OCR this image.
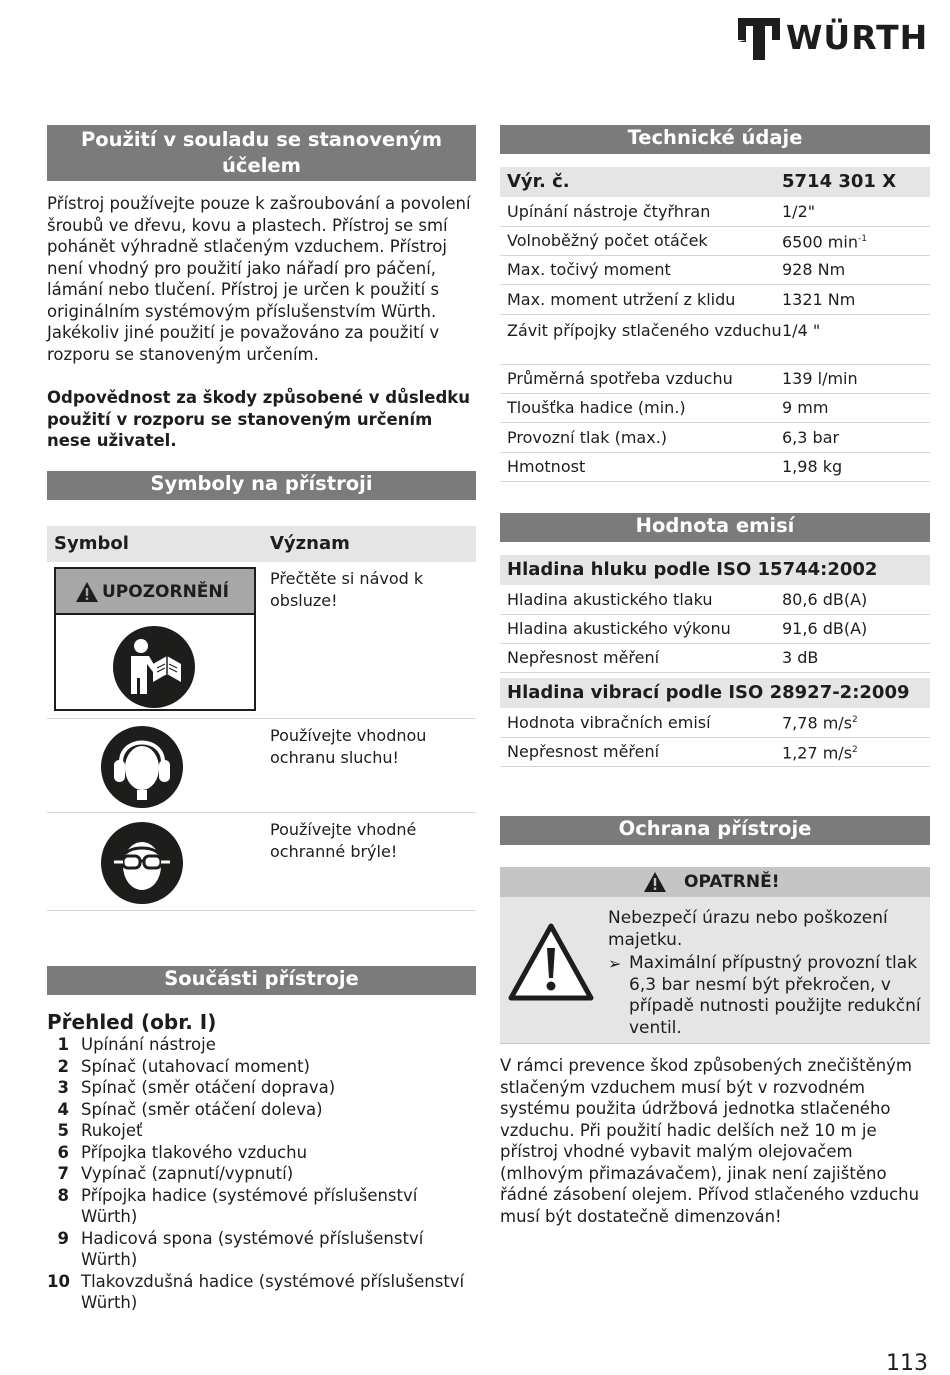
WÜRTH
Použití v souladu se stanoveným účelem
Přístroj používejte pouze k zašroubování a povolení šroubů ve dřevu, kovu a plastech. Přístroj se smí pohánět výhradně stlačeným vzduchem. Přístroj není vhodný pro použití jako nářadí pro páčení, lámání nebo tlučení. Přístroj je určen k použití s originálním systémovým příslušenstvím Würth.
Jakékoliv jiné použití je považováno za použití v rozporu se stanoveným určením.
Odpovědnost za škody způsobené v důsledku použití v rozporu se stanoveným určením nese uživatel.
Symboly na přístroji
Symbol	Význam
UPOZORNĚNÍ
Přečtěte si návod k obsluze!
Používejte vhodnou ochranu sluchu!
Používejte vhodné ochranné brýle!
Součásti přístroje
Přehled (obr. I)
1 Upínání nástroje
2 Spínač (utahovací moment)
3 Spínač (směr otáčení doprava)
4 Spínač (směr otáčení doleva)
5 Rukojeť
6 Přípojka tlakového vzduchu
7 Vypínač (zapnutí/vypnutí)
8 Přípojka hadice (systémové příslušenství Würth)
9 Hadicová spona (systémové příslušenství Würth)
10 Tlakovzdušná hadice (systémové příslušenství Würth)
Technické údaje
Výr. č.	5714 301 X
Upínání nástroje čtyřhran	1/2"
Volnoběžný počet otáček	6500 $\min^{-1}$
Max. točivý moment	928 Nm
Max. moment utržení z klidu	1321 Nm
Závit přípojky stlačeného vzduchu	1/4 "
Průměrná spotřeba vzduchu	139 l/min
Tloušťka hadice (min.)	9 mm
Provozní tlak (max.)	6,3 bar
Hmotnost	1,98 kg
Hodnota emisí
Hladina hluku podle ISO 15744:2002	
Hladina akustického tlaku	80,6 dB(A)
Hladina akustického výkonu	91,6 dB(A)
Nepřesnost měření	3 dB

Hladina vibrací podle ISO 28927-2:2009	
Hodnota vibračních emisí	7,78 $m/s^2$
Nepřesnost měření	1,27 $m/s^2$
Ochrana přístroje
OPATRNĚ!
Nebezpečí úrazu nebo poškození majetku.
➢ Maximální přípustný provozní tlak 6,3 bar nesmí být překročen, v případě nutnosti použijte redukční ventil.
V rámci prevence škod způsobených znečištěným stlačeným vzduchem musí být v rozvodném systému použita údržbová jednotka stlačeného vzduchu. Při použití hadic delších než 10 m je přístroj vhodné vybavit malým olejovačem (mlhovým přimazávačem), jinak není zajištěno řádné zásobení olejem. Přívod stlačeného vzduchu musí být dostatečně dimenzován!
113
